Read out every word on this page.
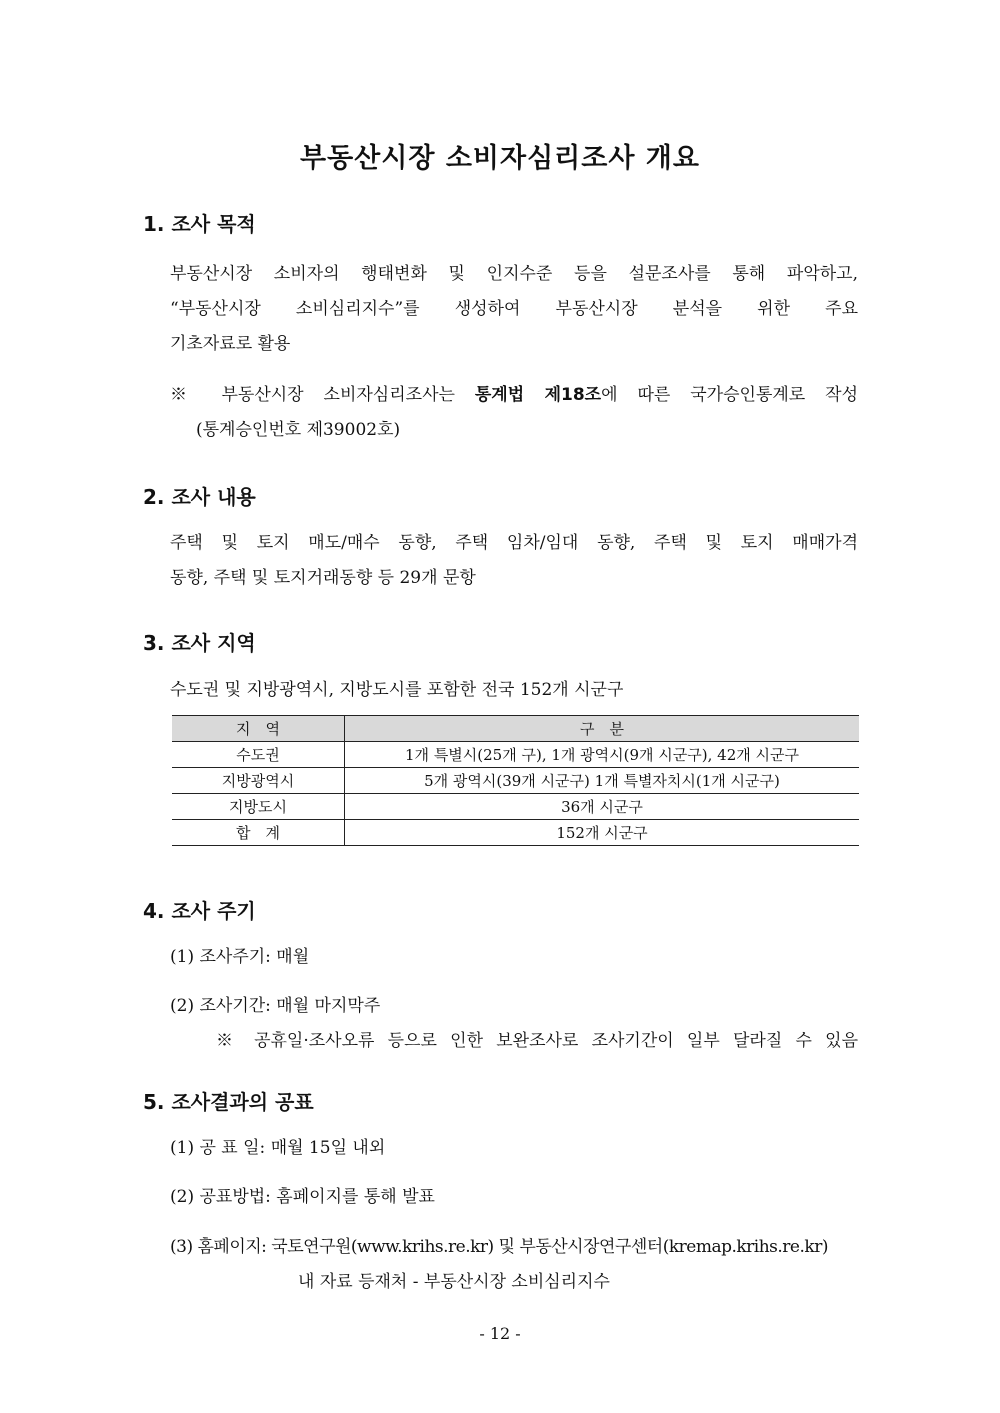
부동산시장 소비자심리조사 개요
1. 조사 목적
부동산시장 소비자의 행태변화 및 인지수준 등을 설문조사를 통해 파악하고,
“부동산시장 소비심리지수”를 생성하여 부동산시장 분석을 위한 주요
기초자료로 활용
※ 부동산시장 소비자심리조사는 통계법 제18조에 따른 국가승인통계로 작성
(통계승인번호 제39002호)
2. 조사 내용
주택 및 토지 매도/매수 동향, 주택 임차/임대 동향, 주택 및 토지 매매가격
동향, 주택 및 토지거래동향 등 29개 문항
3. 조사 지역
수도권 및 지방광역시, 지방도시를 포함한 전국 152개 시군구
지　역	구　분
수도권	1개 특별시(25개 구), 1개 광역시(9개 시군구), 42개 시군구
지방광역시	5개 광역시(39개 시군구) 1개 특별자치시(1개 시군구)
지방도시	36개 시군구
합　계	152개 시군구
4. 조사 주기
(1) 조사주기: 매월
(2) 조사기간: 매월 마지막주
※ 공휴일·조사오류 등으로 인한 보완조사로 조사기간이 일부 달라질 수 있음
5. 조사결과의 공표
(1) 공 표 일: 매월 15일 내외
(2) 공표방법: 홈페이지를 통해 발표
(3) 홈페이지: 국토연구원(www.krihs.re.kr) 및 부동산시장연구센터(kremap.krihs.re.kr)
내 자료 등재처 - 부동산시장 소비심리지수
- 12 -
